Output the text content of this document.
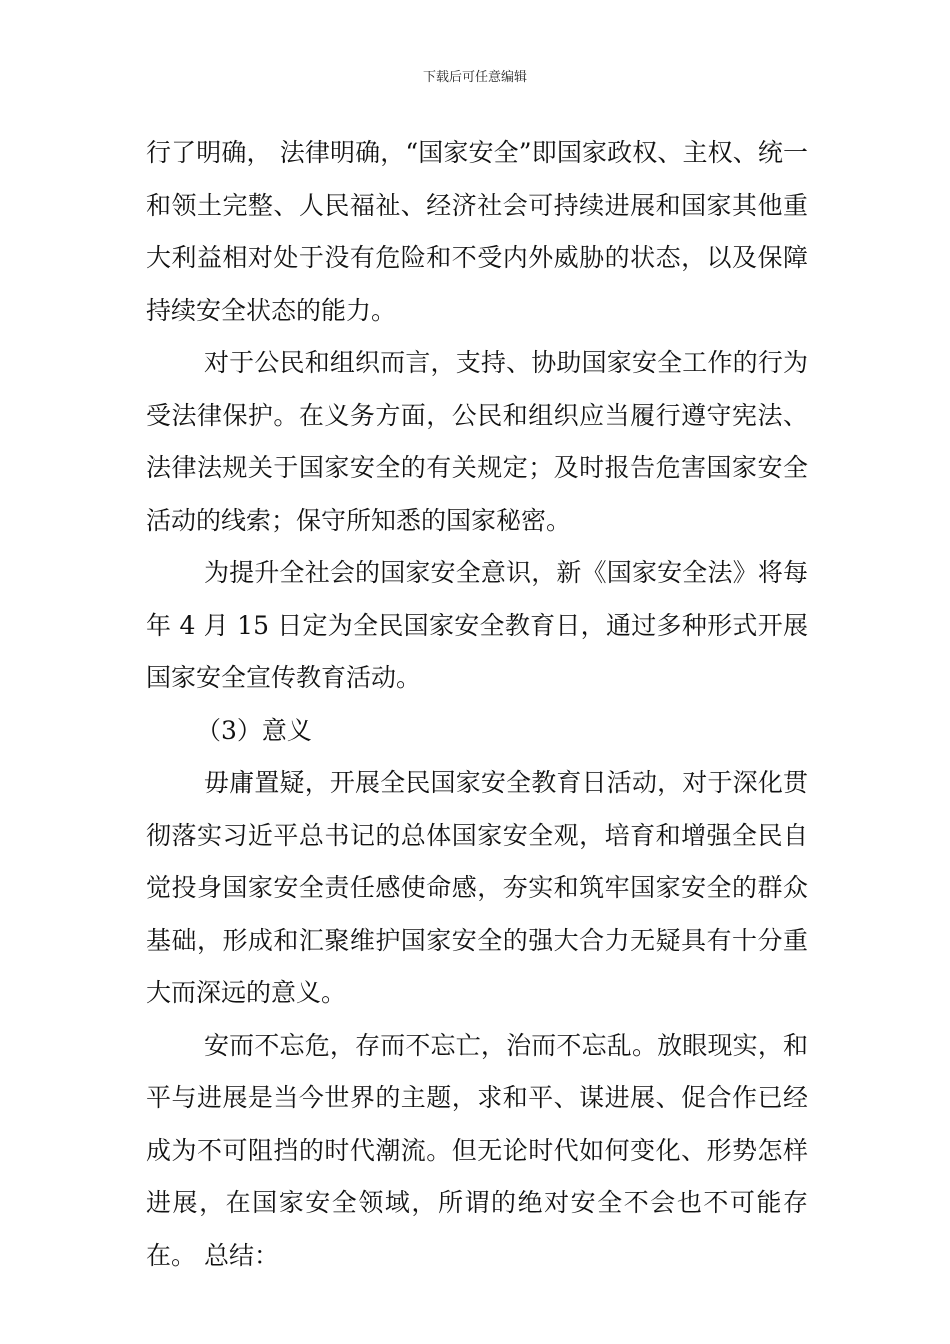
下载后可任意编辑

行了明确， 法律明确，“国家安全”即国家政权、主权、统一和领土完整、人民福祉、经济社会可持续进展和国家其他重大利益相对处于没有危险和不受内外威胁的状态，以及保障持续安全状态的能力。

对于公民和组织而言，支持、协助国家安全工作的行为受法律保护。在义务方面，公民和组织应当履行遵守宪法、法律法规关于国家安全的有关规定；及时报告危害国家安全活动的线索；保守所知悉的国家秘密。

为提升全社会的国家安全意识，新《国家安全法》将每年 4 月 15 日定为全民国家安全教育日，通过多种形式开展国家安全宣传教育活动。

（3）意义

毋庸置疑，开展全民国家安全教育日活动，对于深化贯彻落实习近平总书记的总体国家安全观，培育和增强全民自觉投身国家安全责任感使命感，夯实和筑牢国家安全的群众基础，形成和汇聚维护国家安全的强大合力无疑具有十分重大而深远的意义。

安而不忘危，存而不忘亡，治而不忘乱。放眼现实，和平与进展是当今世界的主题，求和平、谋进展、促合作已经成为不可阻挡的时代潮流。但无论时代如何变化、形势怎样进展，在国家安全领域，所谓的绝对安全不会也不可能存在。 总结：
